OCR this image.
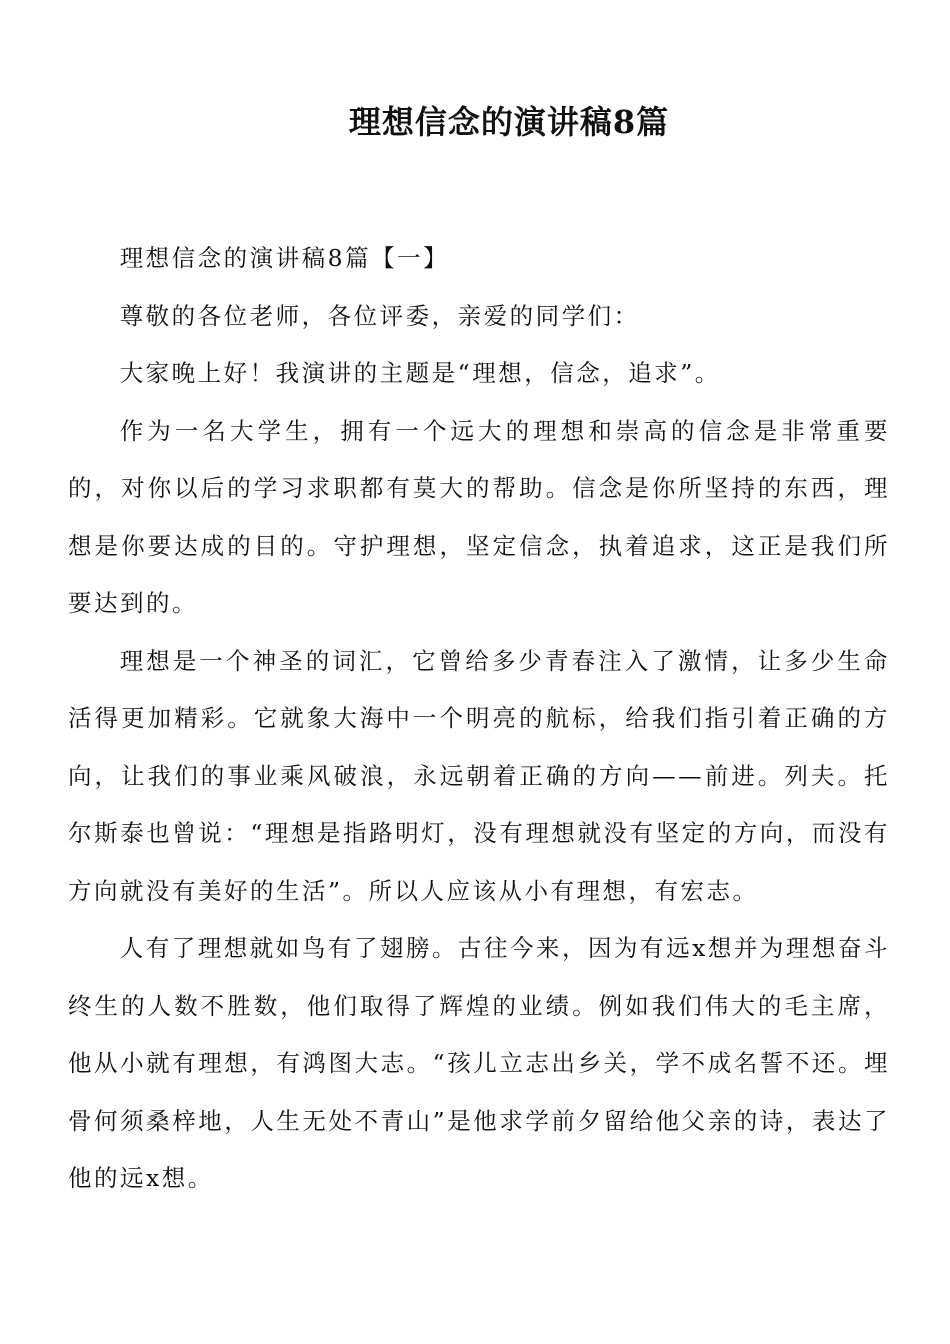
理想信念的演讲稿8篇

理想信念的演讲稿8篇【一】

尊敬的各位老师，各位评委，亲爱的同学们：

大家晚上好！我演讲的主题是“理想，信念，追求”。

作为一名大学生，拥有一个远大的理想和崇高的信念是非常重要的，对你以后的学习求职都有莫大的帮助。信念是你所坚持的东西，理想是你要达成的目的。守护理想，坚定信念，执着追求，这正是我们所要达到的。

理想是一个神圣的词汇，它曾给多少青春注入了激情，让多少生命活得更加精彩。它就象大海中一个明亮的航标，给我们指引着正确的方向，让我们的事业乘风破浪，永远朝着正确的方向——前进。列夫。托尔斯泰也曾说：“理想是指路明灯，没有理想就没有坚定的方向，而没有方向就没有美好的生活”。所以人应该从小有理想，有宏志。

人有了理想就如鸟有了翅膀。古往今来，因为有远x想并为理想奋斗终生的人数不胜数，他们取得了辉煌的业绩。例如我们伟大的毛主席，他从小就有理想，有鸿图大志。“孩儿立志出乡关，学不成名誓不还。埋骨何须桑梓地，人生无处不青山”是他求学前夕留给他父亲的诗，表达了他的远x想。
